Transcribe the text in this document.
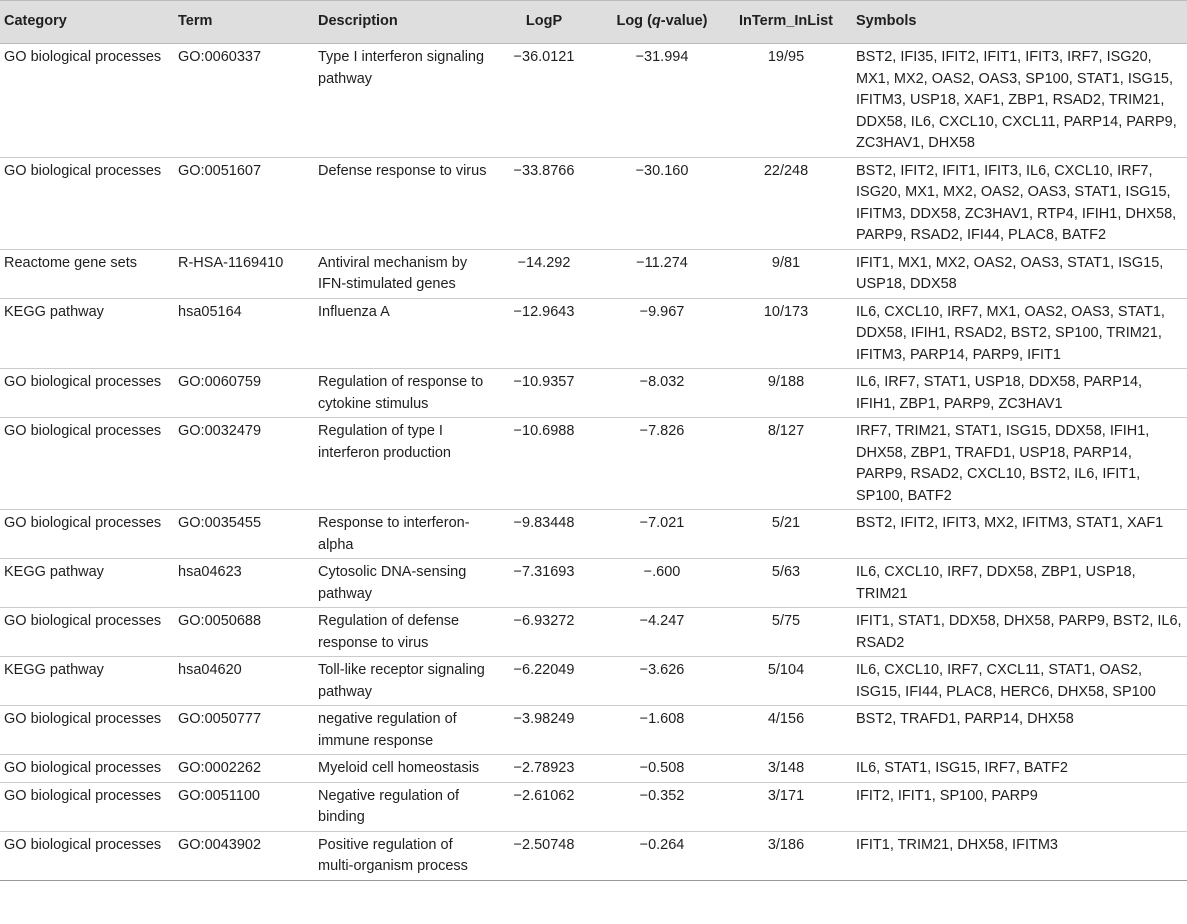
Category	Term	Description	LogP	Log (q-value)	InTerm_InList	Symbols
GO biological processes	GO:0060337	Type I interferon signaling pathway	−36.0121	−31.994	19/95	BST2, IFI35, IFIT2, IFIT1, IFIT3, IRF7, ISG20, MX1, MX2, OAS2, OAS3, SP100, STAT1, ISG15, IFITM3, USP18, XAF1, ZBP1, RSAD2, TRIM21, DDX58, IL6, CXCL10, CXCL11, PARP14, PARP9, ZC3HAV1, DHX58
GO biological processes	GO:0051607	Defense response to virus	−33.8766	−30.160	22/248	BST2, IFIT2, IFIT1, IFIT3, IL6, CXCL10, IRF7, ISG20, MX1, MX2, OAS2, OAS3, STAT1, ISG15, IFITM3, DDX58, ZC3HAV1, RTP4, IFIH1, DHX58, PARP9, RSAD2, IFI44, PLAC8, BATF2
Reactome gene sets	R-HSA-1169410	Antiviral mechanism by IFN-stimulated genes	−14.292	−11.274	9/81	IFIT1, MX1, MX2, OAS2, OAS3, STAT1, ISG15, USP18, DDX58
KEGG pathway	hsa05164	Influenza A	−12.9643	−9.967	10/173	IL6, CXCL10, IRF7, MX1, OAS2, OAS3, STAT1, DDX58, IFIH1, RSAD2, BST2, SP100, TRIM21, IFITM3, PARP14, PARP9, IFIT1
GO biological processes	GO:0060759	Regulation of response to cytokine stimulus	−10.9357	−8.032	9/188	IL6, IRF7, STAT1, USP18, DDX58, PARP14, IFIH1, ZBP1, PARP9, ZC3HAV1
GO biological processes	GO:0032479	Regulation of type I interferon production	−10.6988	−7.826	8/127	IRF7, TRIM21, STAT1, ISG15, DDX58, IFIH1, DHX58, ZBP1, TRAFD1, USP18, PARP14, PARP9, RSAD2, CXCL10, BST2, IL6, IFIT1, SP100, BATF2
GO biological processes	GO:0035455	Response to interferon-alpha	−9.83448	−7.021	5/21	BST2, IFIT2, IFIT3, MX2, IFITM3, STAT1, XAF1
KEGG pathway	hsa04623	Cytosolic DNA-sensing pathway	−7.31693	−.600	5/63	IL6, CXCL10, IRF7, DDX58, ZBP1, USP18, TRIM21
GO biological processes	GO:0050688	Regulation of defense response to virus	−6.93272	−4.247	5/75	IFIT1, STAT1, DDX58, DHX58, PARP9, BST2, IL6, RSAD2
KEGG pathway	hsa04620	Toll-like receptor signaling pathway	−6.22049	−3.626	5/104	IL6, CXCL10, IRF7, CXCL11, STAT1, OAS2, ISG15, IFI44, PLAC8, HERC6, DHX58, SP100
GO biological processes	GO:0050777	negative regulation of immune response	−3.98249	−1.608	4/156	BST2, TRAFD1, PARP14, DHX58
GO biological processes	GO:0002262	Myeloid cell homeostasis	−2.78923	−0.508	3/148	IL6, STAT1, ISG15, IRF7, BATF2
GO biological processes	GO:0051100	Negative regulation of binding	−2.61062	−0.352	3/171	IFIT2, IFIT1, SP100, PARP9
GO biological processes	GO:0043902	Positive regulation of multi-organism process	−2.50748	−0.264	3/186	IFIT1, TRIM21, DHX58, IFITM3
